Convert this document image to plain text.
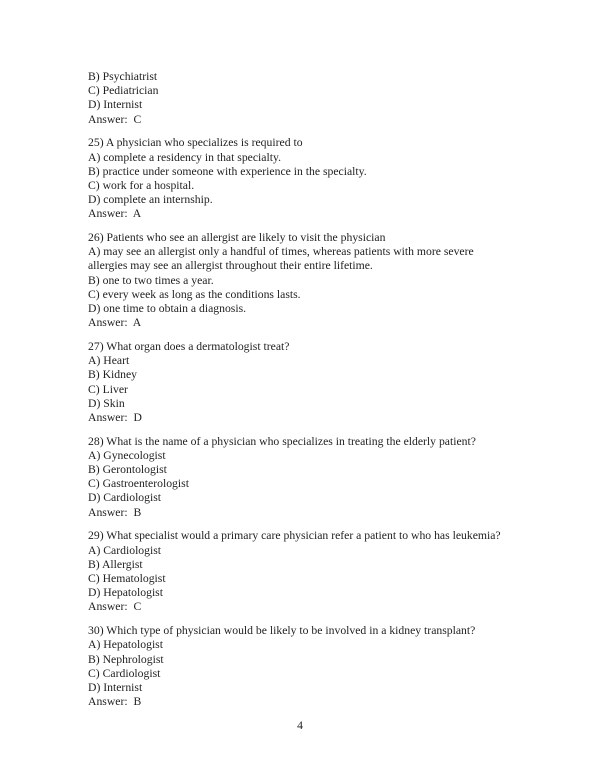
B) Psychiatrist
C) Pediatrician
D) Internist
Answer:  C
25) A physician who specializes is required to
A) complete a residency in that specialty.
B) practice under someone with experience in the specialty.
C) work for a hospital.
D) complete an internship.
Answer:  A
26) Patients who see an allergist are likely to visit the physician
A) may see an allergist only a handful of times, whereas patients with more severe allergies may see an allergist throughout their entire lifetime.
B) one to two times a year.
C) every week as long as the conditions lasts.
D) one time to obtain a diagnosis.
Answer:  A
27) What organ does a dermatologist treat?
A) Heart
B) Kidney
C) Liver
D) Skin
Answer:  D
28) What is the name of a physician who specializes in treating the elderly patient?
A) Gynecologist
B) Gerontologist
C) Gastroenterologist
D) Cardiologist
Answer:  B
29) What specialist would a primary care physician refer a patient to who has leukemia?
A) Cardiologist
B) Allergist
C) Hematologist
D) Hepatologist
Answer:  C
30) Which type of physician would be likely to be involved in a kidney transplant?
A) Hepatologist
B) Nephrologist
C) Cardiologist
D) Internist
Answer:  B
4
